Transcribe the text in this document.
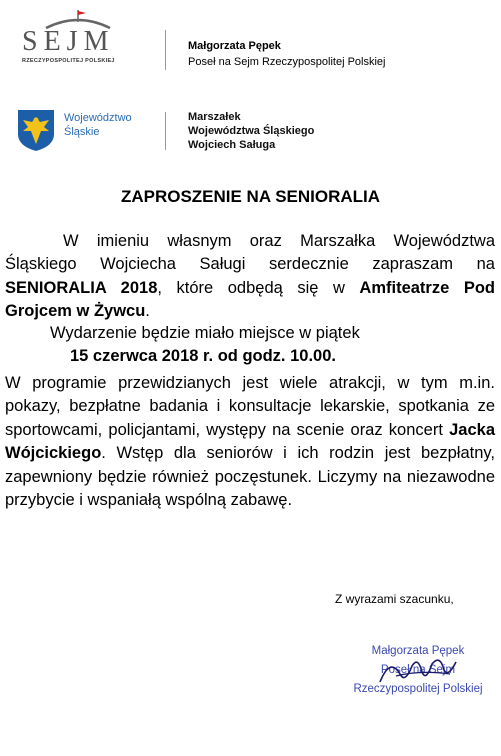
SEJM
RZECZYPOSPOLITEJ POLSKIEJ
Małgorzata Pępek
Poseł na Sejm Rzeczypospolitej Polskiej
Województwo
Śląskie
Marszałek
Województwa Śląskiego
Wojciech Saługa
ZAPROSZENIE NA SENIORALIA
W imieniu własnym oraz Marszałka Województwa Śląskiego Wojciecha Saługi serdecznie zapraszam na SENIORALIA 2018, które odbędą się w Amfiteatrze Pod Grojcem w Żywcu.
Wydarzenie będzie miało miejsce w piątek
15 czerwca 2018 r. od godz. 10.00.
W programie przewidzianych jest wiele atrakcji, w tym m.in. pokazy, bezpłatne badania i konsultacje lekarskie, spotkania ze sportowcami, policjantami, występy na scenie oraz koncert Jacka Wójcickiego. Wstęp dla seniorów i ich rodzin jest bezpłatny, zapewniony będzie również poczęstunek. Liczymy na niezawodne przybycie i wspaniałą wspólną zabawę.
Z wyrazami szacunku,
Małgorzata Pępek
Poseł na Sejm
Rzeczypospolitej Polskiej
